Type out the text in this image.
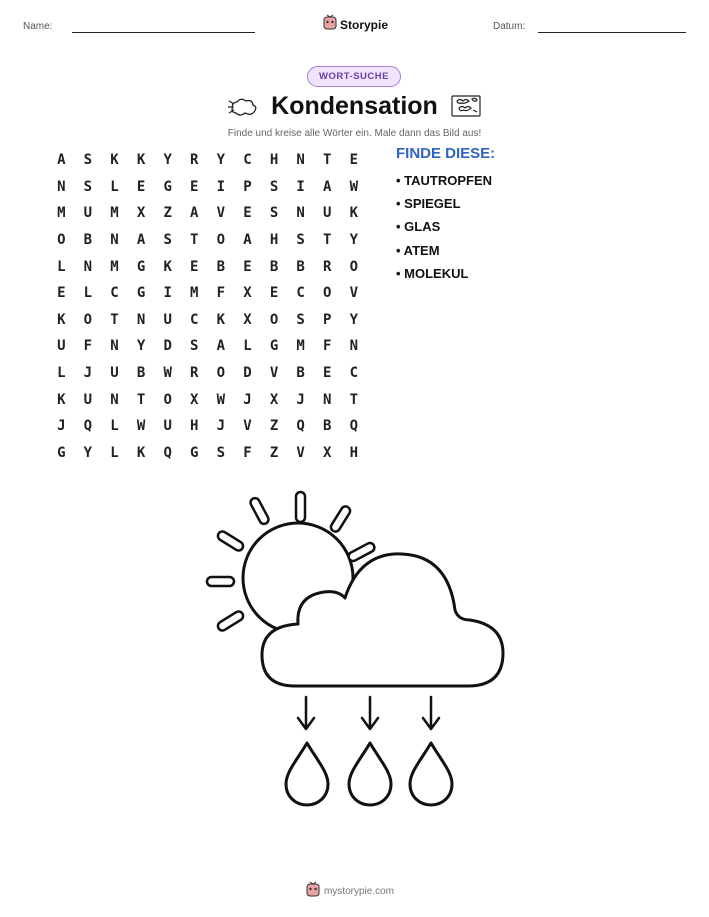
Name:	Storypie	Datum:
WORT-SUCHE
Kondensation
Finde und kreise alle Wörter ein. Male dann das Bild aus!
A	S	K	K	Y	R	Y	C	H	N	T	E
N	S	L	E	G	E	I	P	S	I	A	W
M	U	M	X	Z	A	V	E	S	N	U	K
O	B	N	A	S	T	O	A	H	S	T	Y
L	N	M	G	K	E	B	E	B	B	R	O
E	L	C	G	I	M	F	X	E	C	O	V
K	O	T	N	U	C	K	X	O	S	P	Y
U	F	N	Y	D	S	A	L	G	M	F	N
L	J	U	B	W	R	O	D	V	B	E	C
K	U	N	T	O	X	W	J	X	J	N	T
J	Q	L	W	U	H	J	V	Z	Q	B	Q
G	Y	L	K	Q	G	S	F	Z	V	X	H
FINDE DIESE:
• TAUTROPFEN
• SPIEGEL
• GLAS
• ATEM
• MOLEKUL
mystorypie.com
